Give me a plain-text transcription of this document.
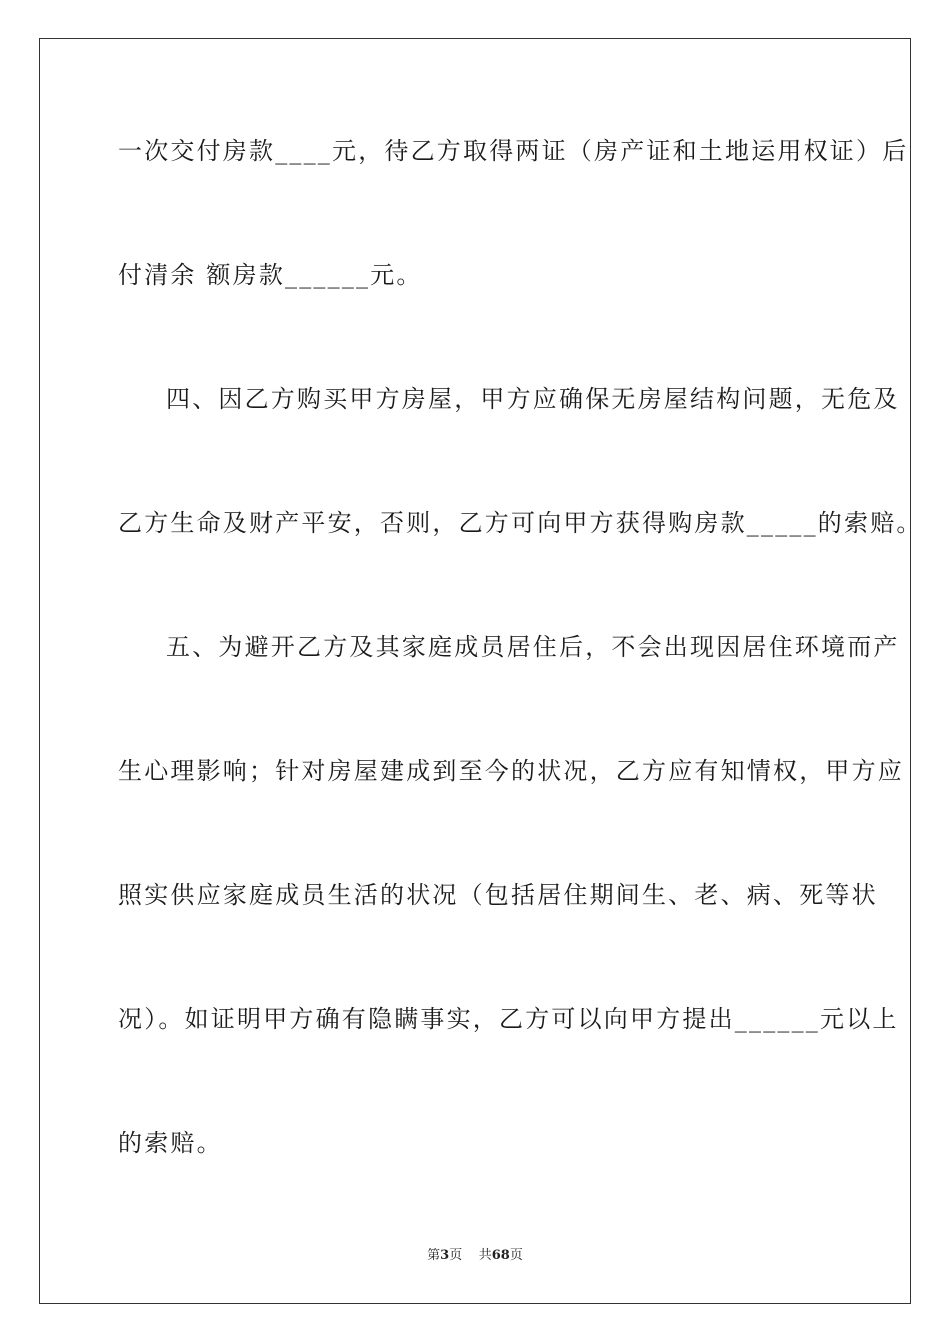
一次交付房款____元，待乙方取得两证（房产证和土地运用权证）后
付清余 额房款______元。
四、因乙方购买甲方房屋，甲方应确保无房屋结构问题，无危及
乙方生命及财产平安，否则，乙方可向甲方获得购房款_____的索赔。
五、为避开乙方及其家庭成员居住后，不会出现因居住环境而产
生心理影响；针对房屋建成到至今的状况，乙方应有知情权，甲方应
照实供应家庭成员生活的状况（包括居住期间生、老、病、死等状
况）。如证明甲方确有隐瞒事实，乙方可以向甲方提出______元以上
的索赔。
第3页 共68页
